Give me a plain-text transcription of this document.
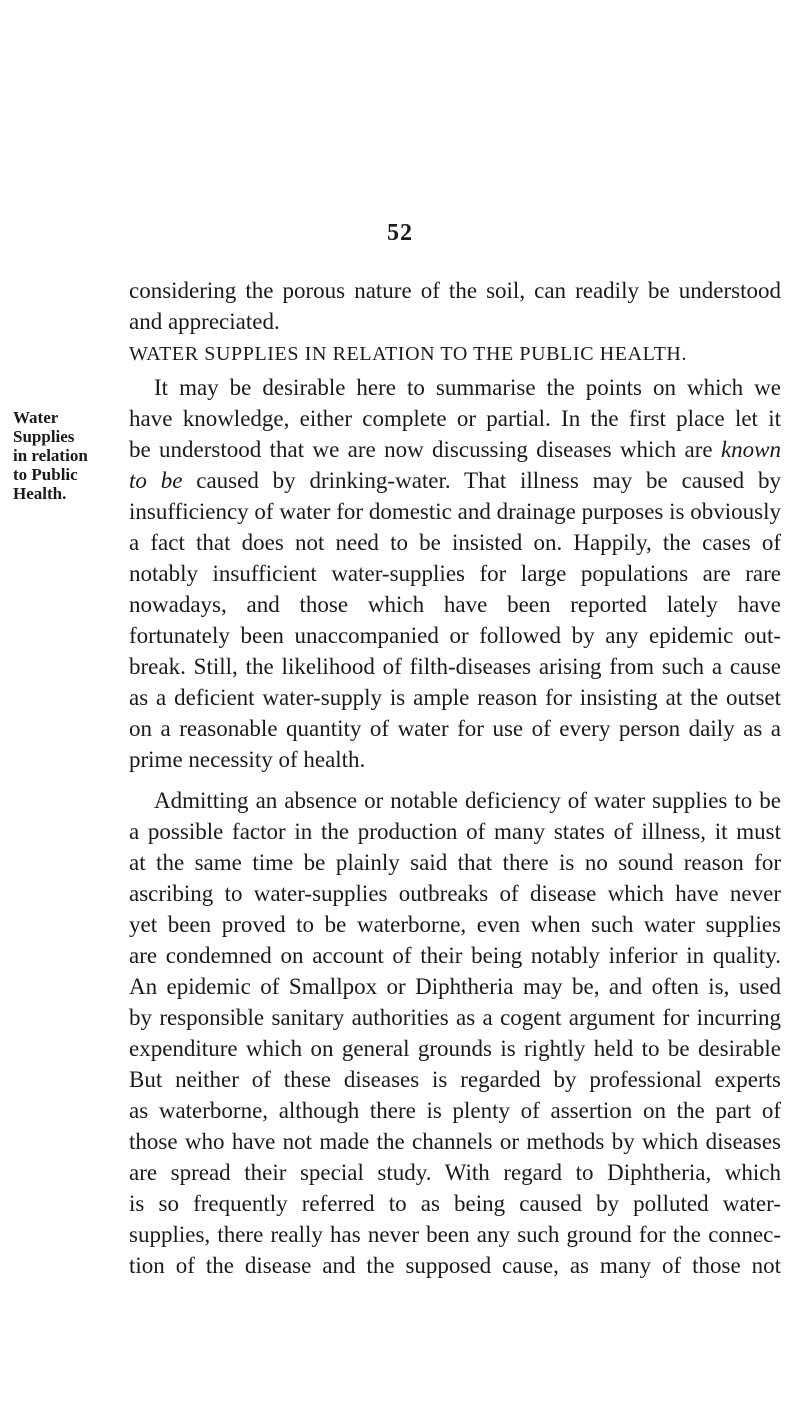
52
Water
Supplies
in relation
to Public
Health.
considering the porous nature of the soil, can readily be understood
and appreciated.
WATER SUPPLIES IN RELATION TO THE PUBLIC HEALTH.
It may be desirable here to summarise the points on which we
have knowledge, either complete or partial. In the first place let it
be understood that we are now discussing diseases which are known
to be caused by drinking-water. That illness may be caused by
insufficiency of water for domestic and drainage purposes is obviously
a fact that does not need to be insisted on. Happily, the cases of
notably insufficient water-supplies for large populations are rare
nowadays, and those which have been reported lately have
fortunately been unaccompanied or followed by any epidemic out-
break. Still, the likelihood of filth-diseases arising from such a cause
as a deficient water-supply is ample reason for insisting at the outset
on a reasonable quantity of water for use of every person daily as a
prime necessity of health.
Admitting an absence or notable deficiency of water supplies to be
a possible factor in the production of many states of illness, it must
at the same time be plainly said that there is no sound reason for
ascribing to water-supplies outbreaks of disease which have never
yet been proved to be waterborne, even when such water supplies
are condemned on account of their being notably inferior in quality.
An epidemic of Smallpox or Diphtheria may be, and often is, used
by responsible sanitary authorities as a cogent argument for incurring
expenditure which on general grounds is rightly held to be desirable
But neither of these diseases is regarded by professional experts
as waterborne, although there is plenty of assertion on the part of
those who have not made the channels or methods by which diseases
are spread their special study. With regard to Diphtheria, which
is so frequently referred to as being caused by polluted water-
supplies, there really has never been any such ground for the connec-
tion of the disease and the supposed cause, as many of those not
